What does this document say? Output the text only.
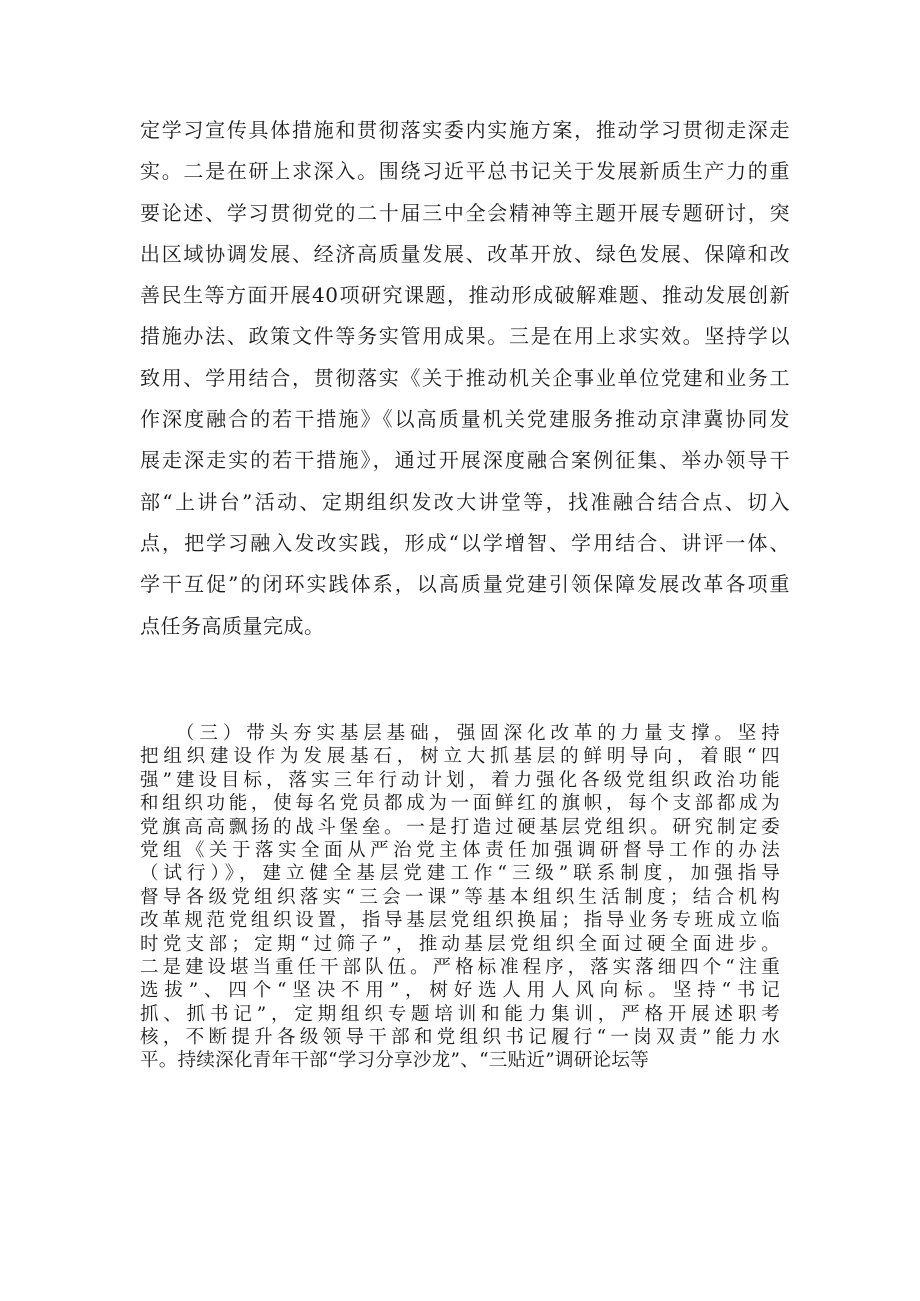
定学习宣传具体措施和贯彻落实委内实施方案，推动学习贯彻走深走
实。二是在研上求深入。围绕习近平总书记关于发展新质生产力的重
要论述、学习贯彻党的二十届三中全会精神等主题开展专题研讨，突
出区域协调发展、经济高质量发展、改革开放、绿色发展、保障和改
善民生等方面开展40项研究课题，推动形成破解难题、推动发展创新
措施办法、政策文件等务实管用成果。三是在用上求实效。坚持学以
致用、学用结合，贯彻落实《关于推动机关企事业单位党建和业务工
作深度融合的若干措施》《以高质量机关党建服务推动京津冀协同发
展走深走实的若干措施》，通过开展深度融合案例征集、举办领导干
部“上讲台”活动、定期组织发改大讲堂等，找准融合结合点、切入
点，把学习融入发改实践，形成“以学增智、学用结合、讲评一体、
学干互促”的闭环实践体系，以高质量党建引领保障发展改革各项重
点任务高质量完成。
（三）带头夯实基层基础，强固深化改革的力量支撑。坚持
把组织建设作为发展基石，树立大抓基层的鲜明导向，着眼“四
强”建设目标，落实三年行动计划，着力强化各级党组织政治功能
和组织功能，使每名党员都成为一面鲜红的旗帜，每个支部都成为
党旗高高飘扬的战斗堡垒。一是打造过硬基层党组织。研究制定委
党组《关于落实全面从严治党主体责任加强调研督导工作的办法
（试行）》，建立健全基层党建工作“三级”联系制度，加强指导
督导各级党组织落实“三会一课”等基本组织生活制度；结合机构
改革规范党组织设置，指导基层党组织换届；指导业务专班成立临
时党支部；定期“过筛子”，推动基层党组织全面过硬全面进步。
二是建设堪当重任干部队伍。严格标准程序，落实落细四个“注重
选拔”、四个“坚决不用”，树好选人用人风向标。坚持“书记
抓、抓书记”，定期组织专题培训和能力集训，严格开展述职考
核，不断提升各级领导干部和党组织书记履行“一岗双责”能力水
平。持续深化青年干部“学习分享沙龙”、“三贴近”调研论坛等
